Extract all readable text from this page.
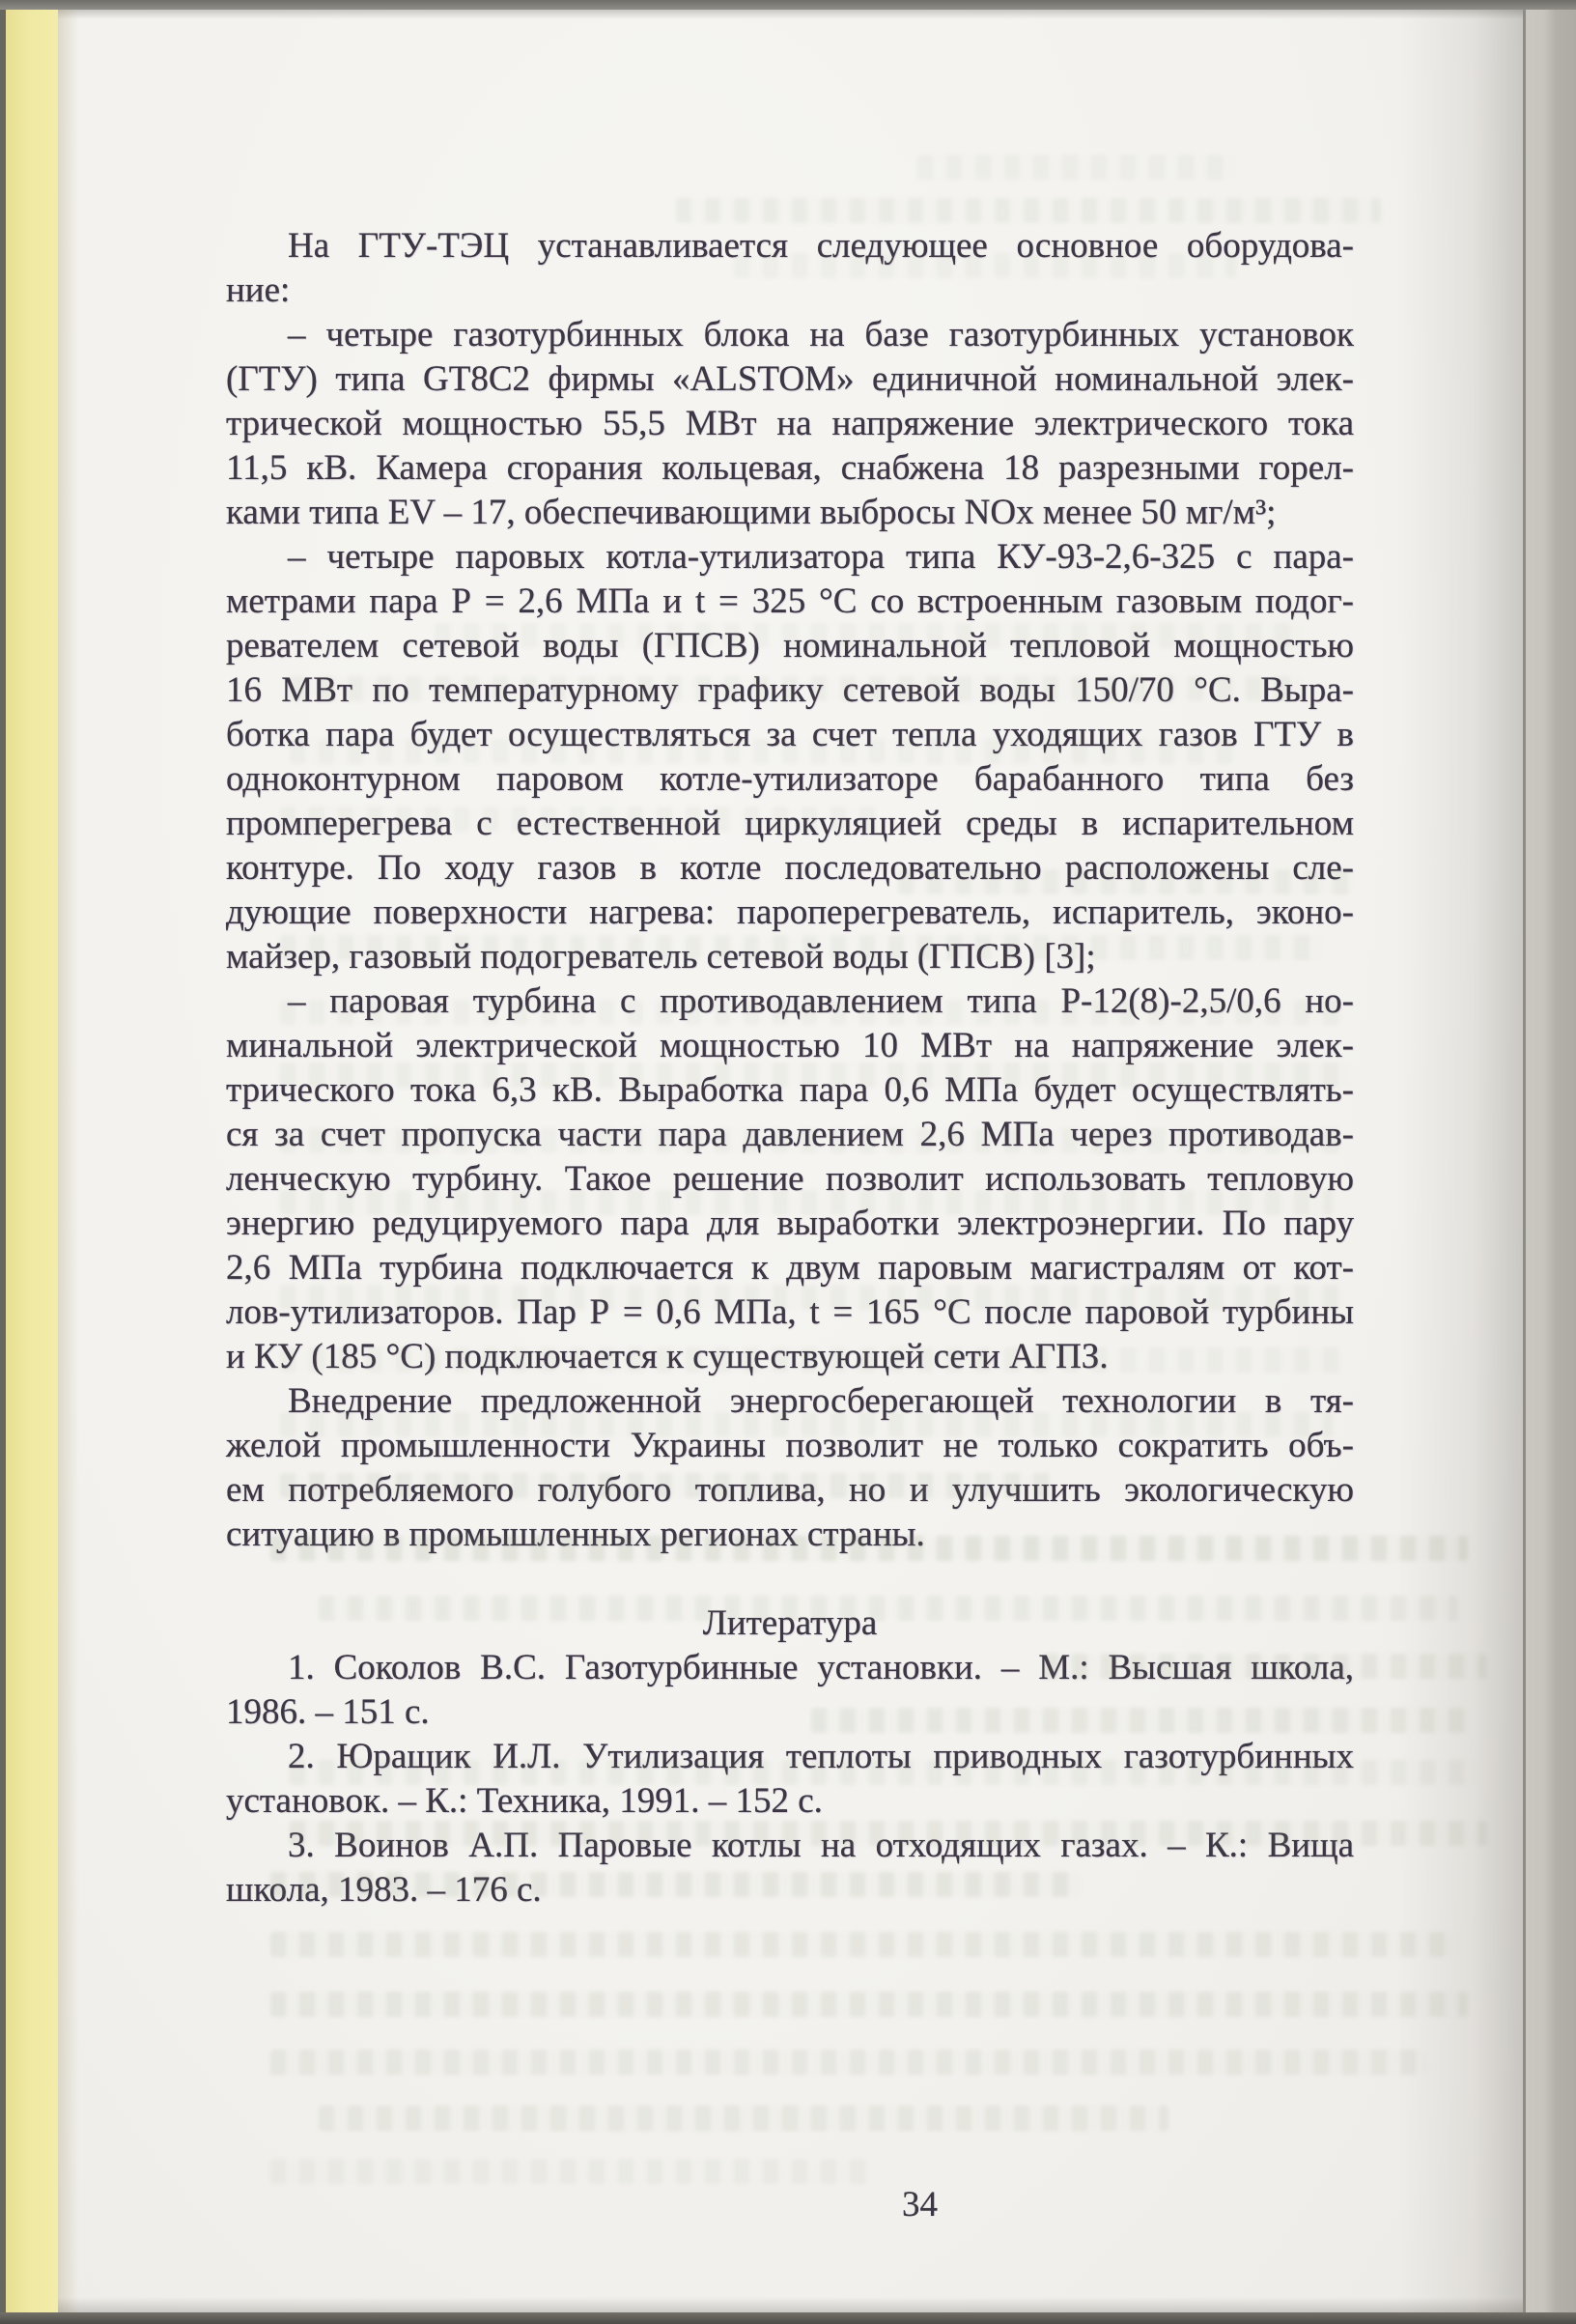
На ГТУ-ТЭЦ устанавливается следующее основное оборудова-
ние:
– четыре газотурбинных блока на базе газотурбинных установок
(ГТУ) типа GT8C2 фирмы «ALSTOM» единичной номинальной элек-
трической мощностью 55,5 МВт на напряжение электрического тока
11,5 кВ. Камера сгорания кольцевая, снабжена 18 разрезными горел-
ками типа EV – 17, обеспечивающими выбросы NOx менее 50 мг/м³;
– четыре паровых котла-утилизатора типа КУ-93-2,6-325 с пара-
метрами пара Р = 2,6 МПа и t = 325 °С со встроенным газовым подог-
ревателем сетевой воды (ГПСВ) номинальной тепловой мощностью
16 МВт по температурному графику сетевой воды 150/70 °С. Выра-
ботка пара будет осуществляться за счет тепла уходящих газов ГТУ в
одноконтурном паровом котле-утилизаторе барабанного типа без
промперегрева с естественной циркуляцией среды в испарительном
контуре. По ходу газов в котле последовательно расположены сле-
дующие поверхности нагрева: пароперегреватель, испаритель, эконо-
майзер, газовый подогреватель сетевой воды (ГПСВ) [3];
– паровая турбина с противодавлением типа Р-12(8)-2,5/0,6 но-
минальной электрической мощностью 10 МВт на напряжение элек-
трического тока 6,3 кВ. Выработка пара 0,6 МПа будет осуществлять-
ся за счет пропуска части пара давлением 2,6 МПа через противодав-
ленческую турбину. Такое решение позволит использовать тепловую
энергию редуцируемого пара для выработки электроэнергии. По пару
2,6 МПа турбина подключается к двум паровым магистралям от кот-
лов-утилизаторов. Пар Р = 0,6 МПа, t = 165 °С после паровой турбины
и КУ (185 °С) подключается к существующей сети АГПЗ.
Внедрение предложенной энергосберегающей технологии в тя-
желой промышленности Украины позволит не только сократить объ-
ем потребляемого голубого топлива, но и улучшить экологическую
ситуацию в промышленных регионах страны.
Литература
1. Соколов В.С. Газотурбинные установки. – М.: Высшая школа,
1986. – 151 с.
2. Юращик И.Л. Утилизация теплоты приводных газотурбинных
установок. – К.: Техника, 1991. – 152 с.
3. Воинов А.П. Паровые котлы на отходящих газах. – К.: Вища
школа, 1983. – 176 с.
34
